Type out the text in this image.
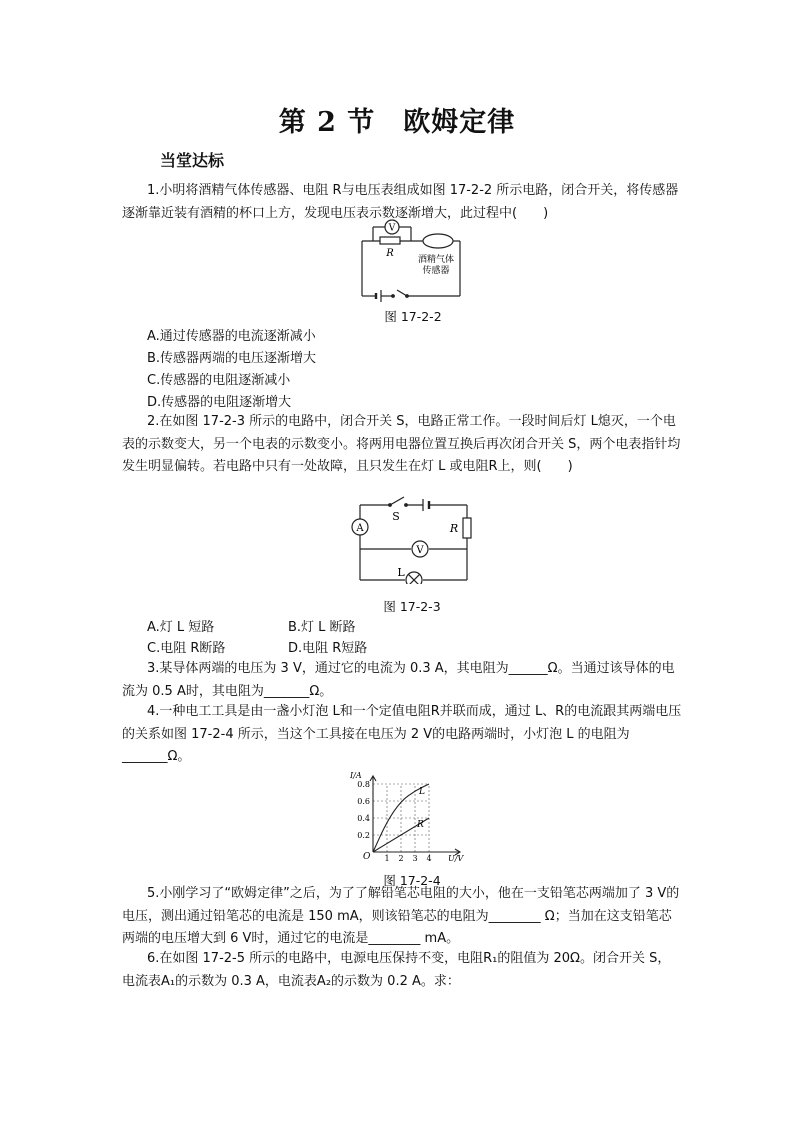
第 2 节　欧姆定律
当堂达标
1.小明将酒精气体传感器、电阻 R与电压表组成如图 17-2-2 所示电路，闭合开关，将传感器逐渐靠近装有酒精的杯口上方，发现电压表示数逐渐增大，此过程中(　　)
V
R
酒精气体
传感器
图 17-2-2
A.通过传感器的电流逐渐减小
B.传感器两端的电压逐渐增大
C.传感器的电阻逐渐减小
D.传感器的电阻逐渐增大
2.在如图 17-2-3 所示的电路中，闭合开关 S，电路正常工作。一段时间后灯 L熄灭，一个电表的示数变大，另一个电表的示数变小。将两用电器位置互换后再次闭合开关 S，两个电表指针均发生明显偏转。若电路中只有一处故障，且只发生在灯 L 或电阻R上，则(　　)
A
V
S
R
L
图 17-2-3
A.灯 L 短路	B.灯 L 断路
C.电阻 R断路	D.电阻 R短路
3.某导体两端的电压为 3 V，通过它的电流为 0.3 A，其电阻为______Ω。当通过该导体的电流为 0.5 A时，其电阻为_______Ω。
4.一种电工工具是由一盏小灯泡 L和一个定值电阻R并联而成，通过 L、R的电流跟其两端电压的关系如图 17-2-4 所示，当这个工具接在电压为 2 V的电路两端时，小灯泡 L 的电阻为_______Ω。
0.8
0.6
0.4
0.2
1 2 3 4
I/A
U/V
O
L
R
图 17-2-4
5.小刚学习了“欧姆定律”之后，为了了解铅笔芯电阻的大小，他在一支铅笔芯两端加了 3 V的电压，测出通过铅笔芯的电流是 150 mA，则该铅笔芯的电阻为________ Ω；当加在这支铅笔芯两端的电压增大到 6 V时，通过它的电流是________ mA。
6.在如图 17-2-5 所示的电路中，电源电压保持不变，电阻R₁的阻值为 20Ω。闭合开关 S，电流表A₁的示数为 0.3 A，电流表A₂的示数为 0.2 A。求：
